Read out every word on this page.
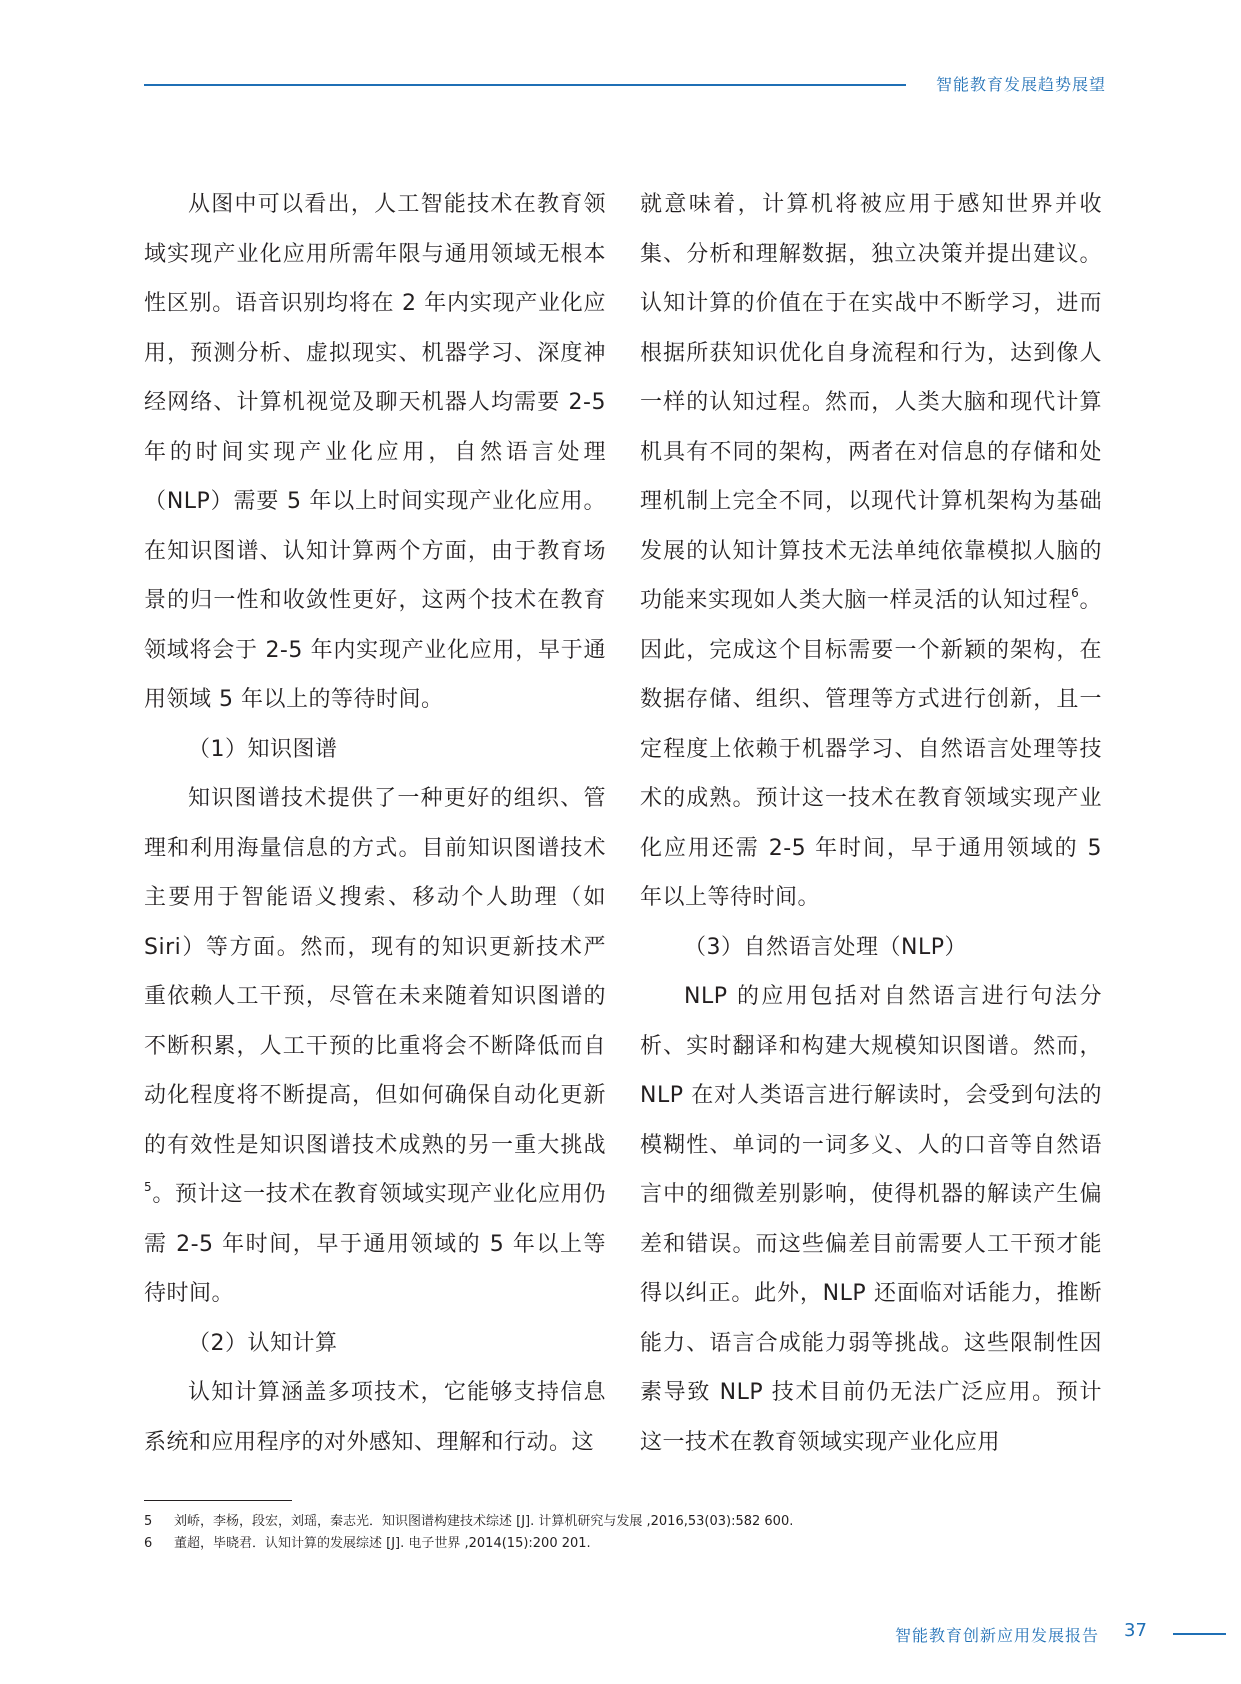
智能教育发展趋势展望

从图中可以看出，人工智能技术在教育领域实现产业化应用所需年限与通用领域无根本性区别。语音识别均将在 2 年内实现产业化应用，预测分析、虚拟现实、机器学习、深度神经网络、计算机视觉及聊天机器人均需要 2-5 年的时间实现产业化应用，自然语言处理（NLP）需要 5 年以上时间实现产业化应用。在知识图谱、认知计算两个方面，由于教育场景的归一性和收敛性更好，这两个技术在教育领域将会于 2-5 年内实现产业化应用，早于通用领域 5 年以上的等待时间。

（1）知识图谱

知识图谱技术提供了一种更好的组织、管理和利用海量信息的方式。目前知识图谱技术主要用于智能语义搜索、移动个人助理（如 Siri）等方面。然而，现有的知识更新技术严重依赖人工干预，尽管在未来随着知识图谱的不断积累，人工干预的比重将会不断降低而自动化程度将不断提高，但如何确保自动化更新的有效性是知识图谱技术成熟的另一重大挑战$^5$。预计这一技术在教育领域实现产业化应用仍需 2-5 年时间，早于通用领域的 5 年以上等待时间。

（2）认知计算

认知计算涵盖多项技术，它能够支持信息系统和应用程序的对外感知、理解和行动。这

就意味着，计算机将被应用于感知世界并收集、分析和理解数据，独立决策并提出建议。认知计算的价值在于在实战中不断学习，进而根据所获知识优化自身流程和行为，达到像人一样的认知过程。然而，人类大脑和现代计算机具有不同的架构，两者在对信息的存储和处理机制上完全不同，以现代计算机架构为基础发展的认知计算技术无法单纯依靠模拟人脑的功能来实现如人类大脑一样灵活的认知过程$^6$。因此，完成这个目标需要一个新颖的架构，在数据存储、组织、管理等方式进行创新，且一定程度上依赖于机器学习、自然语言处理等技术的成熟。预计这一技术在教育领域实现产业化应用还需 2-5 年时间，早于通用领域的 5 年以上等待时间。

（3）自然语言处理（NLP）

NLP 的应用包括对自然语言进行句法分析、实时翻译和构建大规模知识图谱。然而，NLP 在对人类语言进行解读时，会受到句法的模糊性、单词的一词多义、人的口音等自然语言中的细微差别影响，使得机器的解读产生偏差和错误。而这些偏差目前需要人工干预才能得以纠正。此外，NLP 还面临对话能力，推断能力、语言合成能力弱等挑战。这些限制性因素导致 NLP 技术目前仍无法广泛应用。预计这一技术在教育领域实现产业化应用

5	刘峤，李杨，段宏，刘瑶，秦志光．知识图谱构建技术综述 [J]. 计算机研究与发展 ,2016,53(03):582 600.
6	董超，毕晓君．认知计算的发展综述 [J]. 电子世界 ,2014(15):200 201.
智能教育创新应用发展报告 37
